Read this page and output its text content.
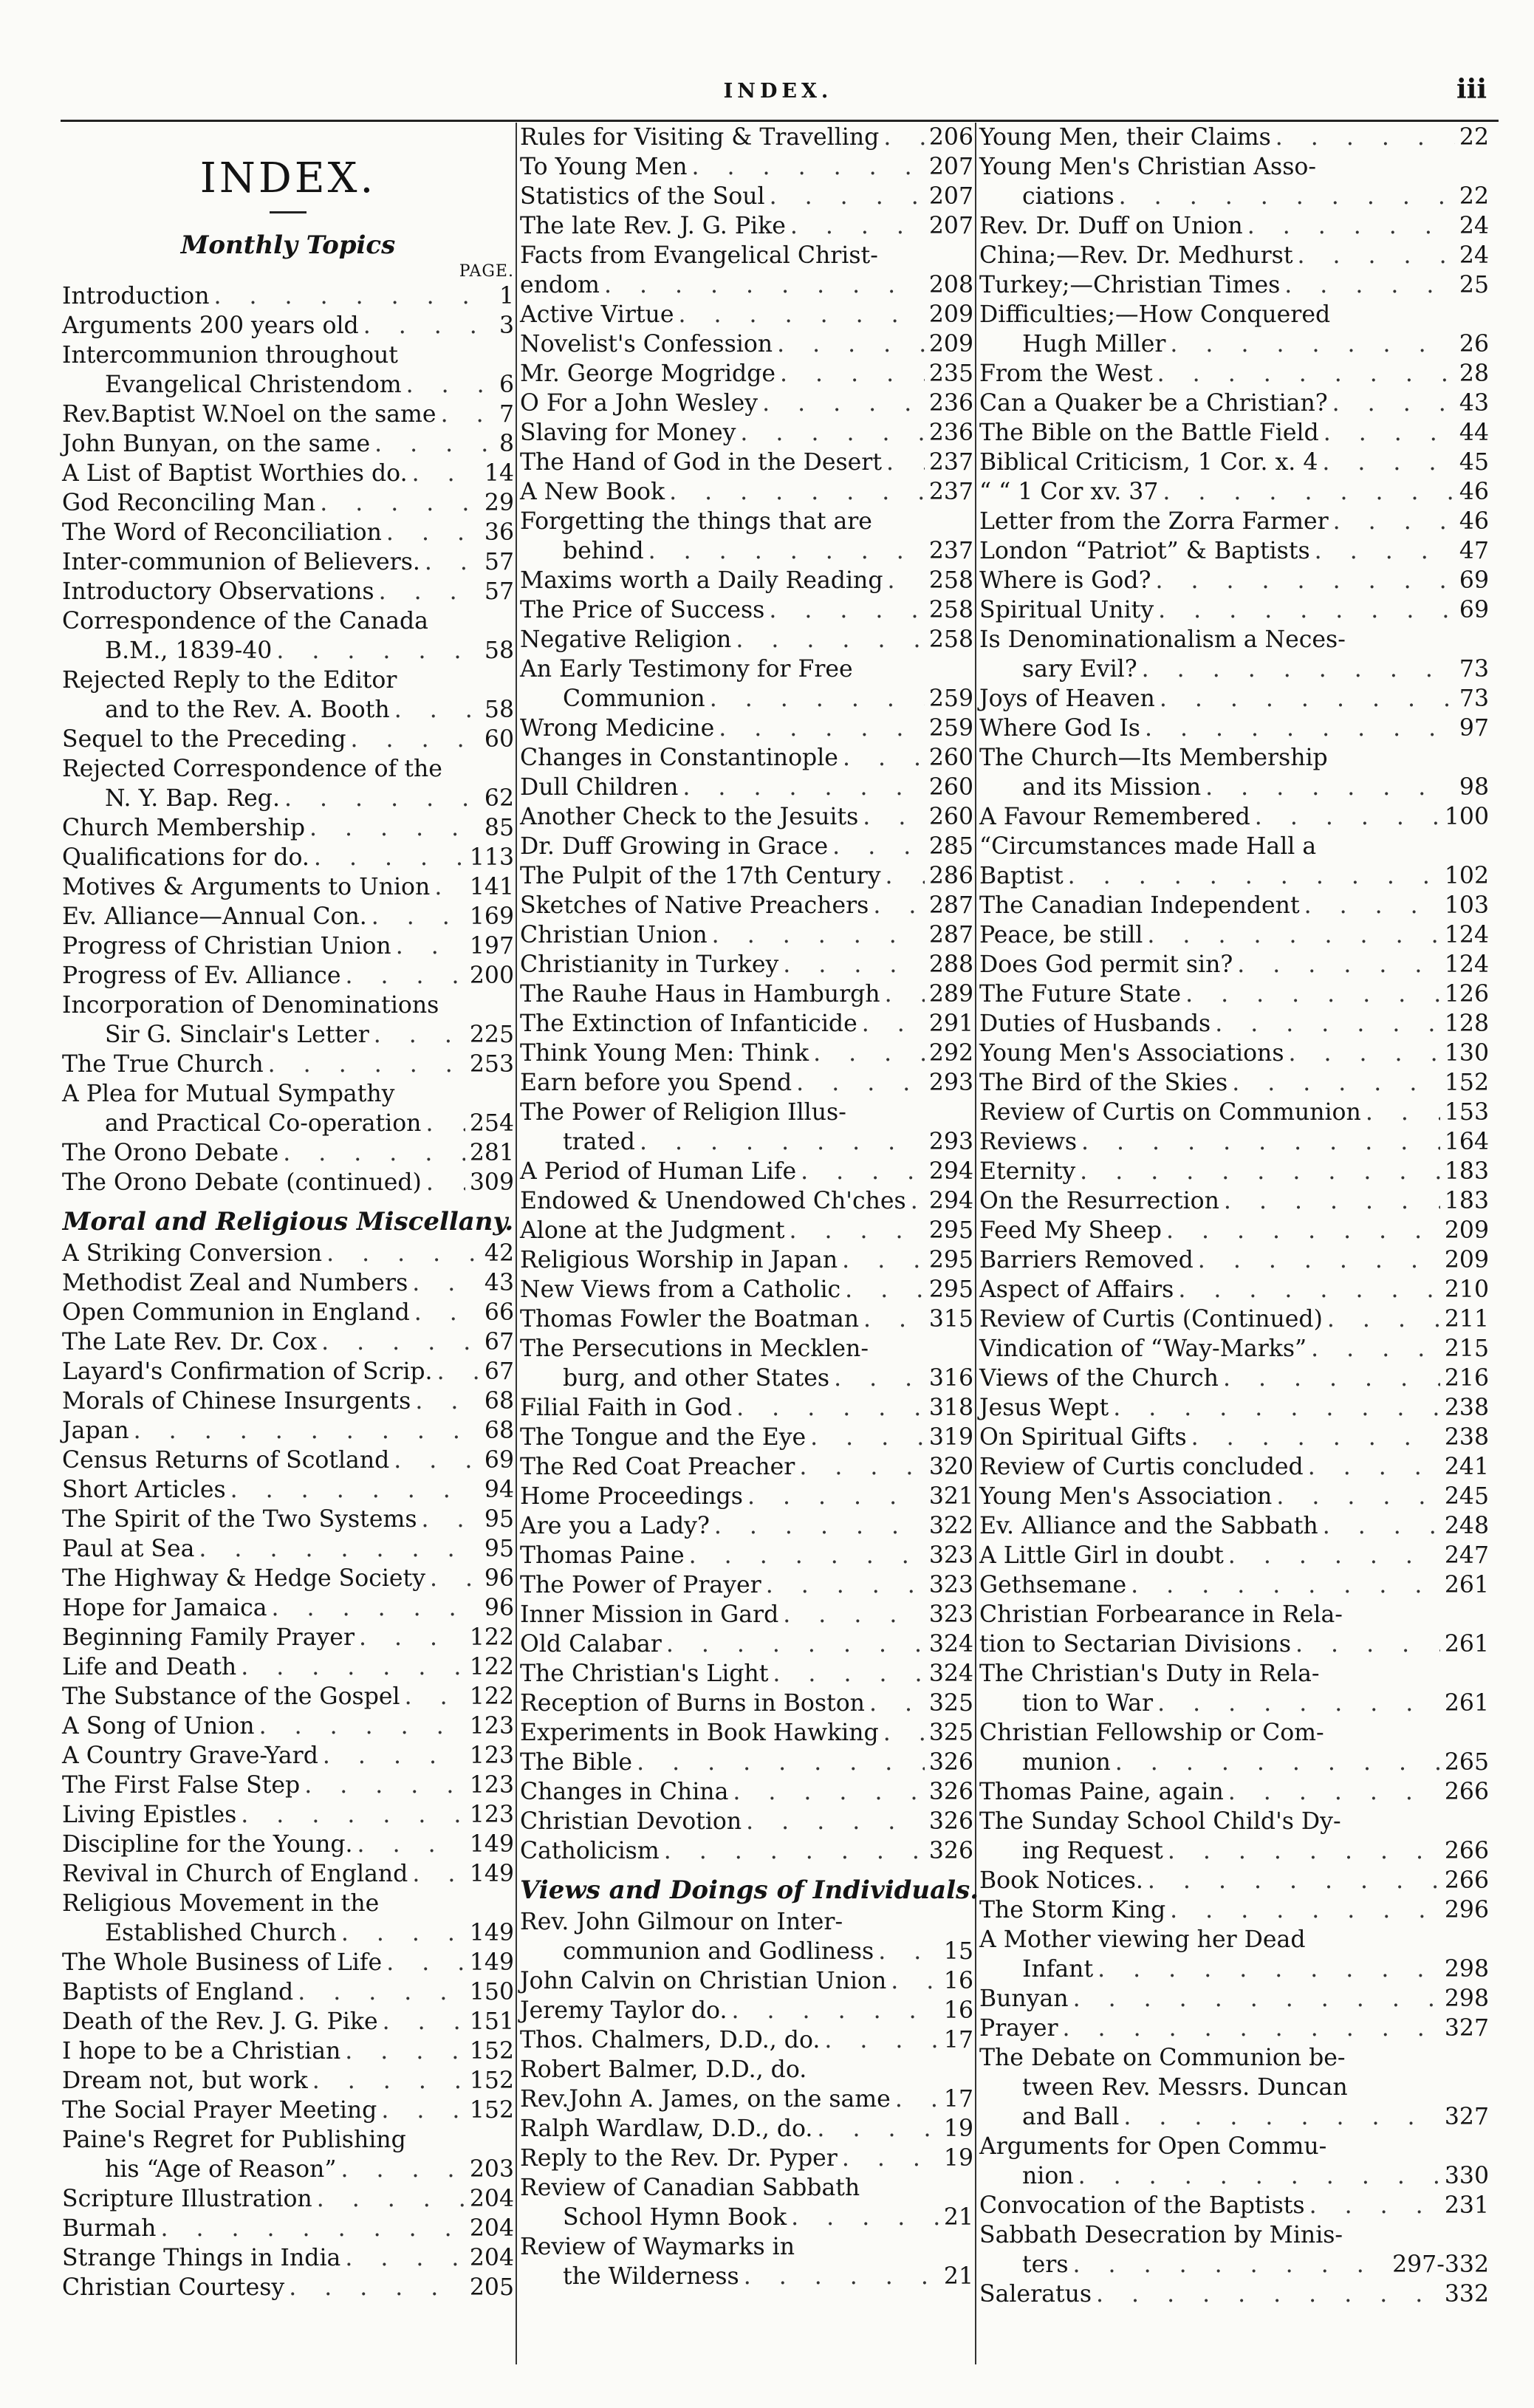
INDEX.	iii
INDEX.
Monthly Topics
PAGE.
Introduction . . .	1
Arguments 200 years old . . .	3
Intercommunion throughout
Evangelical Christendom . . .	6
Rev.Baptist W.Noel on the same . . .	7
John Bunyan, on the same . . .	8
A List of Baptist Worthies do. . . .	14
God Reconciling Man . . .	29
The Word of Reconciliation . . .	36
Inter-communion of Believers. . . .	57
Introductory Observations . . .	57
Correspondence of the Canada
B.M., 1839-40 . . .	58
Rejected Reply to the Editor
and to the Rev. A. Booth . . .	58
Sequel to the Preceding . . .	60
Rejected Correspondence of the
N. Y. Bap. Reg. . . .	62
Church Membership . . .	85
Qualifications for do. . . .	113
Motives & Arguments to Union . . . 141
Ev. Alliance—Annual Con. . . .	169
Progress of Christian Union . . .	197
Progress of Ev. Alliance . . .	200
Incorporation of Denominations
Sir G. Sinclair's Letter . . .	225
The True Church . . .	253
A Plea for Mutual Sympathy
and Practical Co-operation . . . 254
The Orono Debate . . .	281
The Orono Debate (continued) . . . 309
Moral and Religious Miscellany.
A Striking Conversion . . .	42
Methodist Zeal and Numbers . . .	43
Open Communion in England . . .	66
The Late Rev. Dr. Cox . . .	67
Layard's Confirmation of Scrip. . . . 67
Morals of Chinese Insurgents . . .	68
Japan . . .	68
Census Returns of Scotland . . .	69
Short Articles . . .	94
The Spirit of the Two Systems . . .	95
Paul at Sea . . .	95
The Highway & Hedge Society . . .	96
Hope for Jamaica . . .	96
Beginning Family Prayer . . .	122
Life and Death . . .	122
The Substance of the Gospel . . .	122
A Song of Union . . .	123
A Country Grave-Yard . . .	123
The First False Step . . .	123
Living Epistles . . .	123
Discipline for the Young. . . .	149
Revival in Church of England . . .	149
Religious Movement in the
Established Church . . .	149
The Whole Business of Life . . .	149
Baptists of England . . .	150
Death of the Rev. J. G. Pike . . .	151
I hope to be a Christian . . .	152
Dream not, but work . . .	152
The Social Prayer Meeting . . .	152
Paine's Regret for Publishing
his “Age of Reason” . . .	203
Scripture Illustration . . .	204
Burmah . . .	204
Strange Things in India . . .	204
Christian Courtesy . . .	205
Rules for Visiting & Travelling . . . 206
To Young Men . . .	207
Statistics of the Soul . . .	207
The late Rev. J. G. Pike . . .	207
Facts from Evangelical Christ-
endom . . .	208
Active Virtue . . .	209
Novelist's Confession . . .	209
Mr. George Mogridge . . .	235
O For a John Wesley . . .	236
Slaving for Money . . .	236
The Hand of God in the Desert . . . 237
A New Book . . .	237
Forgetting the things that are
behind . . .	237
Maxims worth a Daily Reading . . . 258
The Price of Success . . .	258
Negative Religion . . .	258
An Early Testimony for Free
Communion . . .	259
Wrong Medicine . . .	259
Changes in Constantinople . . .	260
Dull Children . . .	260
Another Check to the Jesuits . . .	260
Dr. Duff Growing in Grace . . .	285
The Pulpit of the 17th Century . . . 286
Sketches of Native Preachers . . .	287
Christian Union . . .	287
Christianity in Turkey . . .	288
The Rauhe Haus in Hamburgh . . . 289
The Extinction of Infanticide . . .	291
Think Young Men: Think . . .	292
Earn before you Spend . . .	293
The Power of Religion Illus-
trated . . .	293
A Period of Human Life . . .	294
Endowed & Unendowed Ch'ches . . . 294
Alone at the Judgment . . .	295
Religious Worship in Japan . . .	295
New Views from a Catholic . . .	295
Thomas Fowler the Boatman . . .	315
The Persecutions in Mecklen-
burg, and other States . . .	316
Filial Faith in God . . .	318
The Tongue and the Eye . . .	319
The Red Coat Preacher . . .	320
Home Proceedings . . .	321
Are you a Lady? . . .	322
Thomas Paine . . .	323
The Power of Prayer . . .	323
Inner Mission in Gard . . .	323
Old Calabar . . .	324
The Christian's Light . . .	324
Reception of Burns in Boston . . .	325
Experiments in Book Hawking . . . 325
The Bible . . .	326
Changes in China . . .	326
Christian Devotion . . .	326
Catholicism . . .	326
Views and Doings of Individuals.
Rev. John Gilmour on Inter-
communion and Godliness . . .	15
John Calvin on Christian Union . . . 16
Jeremy Taylor do. . . .	16
Thos. Chalmers, D.D., do. . . .	17
Robert Balmer, D.D., do.
Rev.John A. James, on the same . . . 17
Ralph Wardlaw, D.D., do. . . .	19
Reply to the Rev. Dr. Pyper . . .	19
Review of Canadian Sabbath
School Hymn Book . . .	21
Review of Waymarks in
the Wilderness . . .	21
Young Men, their Claims . . .	22
Young Men's Christian Asso-
ciations . . .	22
Rev. Dr. Duff on Union . . .	24
China;—Rev. Dr. Medhurst . . .	24
Turkey;—Christian Times . . .	25
Difficulties;—How Conquered
Hugh Miller . . .	26
From the West . . .	28
Can a Quaker be a Christian? . . .	43
The Bible on the Battle Field . . .	44
Biblical Criticism, 1 Cor. x. 4 . . .	45
“ “ 1 Cor xv. 37 . . .	46
Letter from the Zorra Farmer . . .	46
London “Patriot” & Baptists . . .	47
Where is God? . . .	69
Spiritual Unity . . .	69
Is Denominationalism a Neces-
sary Evil? . . .	73
Joys of Heaven . . .	73
Where God Is . . .	97
The Church—Its Membership
and its Mission . . .	98
A Favour Remembered . . .	100
“Circumstances made Hall a
Baptist . . .	102
The Canadian Independent . . .	103
Peace, be still . . .	124
Does God permit sin? . . .	124
The Future State . . .	126
Duties of Husbands . . .	128
Young Men's Associations . . .	130
The Bird of the Skies . . .	152
Review of Curtis on Communion . . .	153
Reviews . . .	164
Eternity . . .	183
On the Resurrection . . .	183
Feed My Sheep . . .	209
Barriers Removed . . .	209
Aspect of Affairs . . .	210
Review of Curtis (Continued) . . .	211
Vindication of “Way-Marks” . . .	215
Views of the Church . . .	216
Jesus Wept . . .	238
On Spiritual Gifts . . .	238
Review of Curtis concluded . . .	241
Young Men's Association . . .	245
Ev. Alliance and the Sabbath . . .	248
A Little Girl in doubt . . .	247
Gethsemane . . .	261
Christian Forbearance in Rela-
tion to Sectarian Divisions . . .	261
The Christian's Duty in Rela-
tion to War . . .	261
Christian Fellowship or Com-
munion . . .	265
Thomas Paine, again . . .	266
The Sunday School Child's Dy-
ing Request . . .	266
Book Notices. . . .	266
The Storm King . . .	296
A Mother viewing her Dead
Infant . . .	298
Bunyan . . .	298
Prayer . . .	327
The Debate on Communion be-
tween Rev. Messrs. Duncan
and Ball . . .	327
Arguments for Open Commu-
nion . . .	330
Convocation of the Baptists . . .	231
Sabbath Desecration by Minis-
ters . . .	297-332
Saleratus . . .	332
